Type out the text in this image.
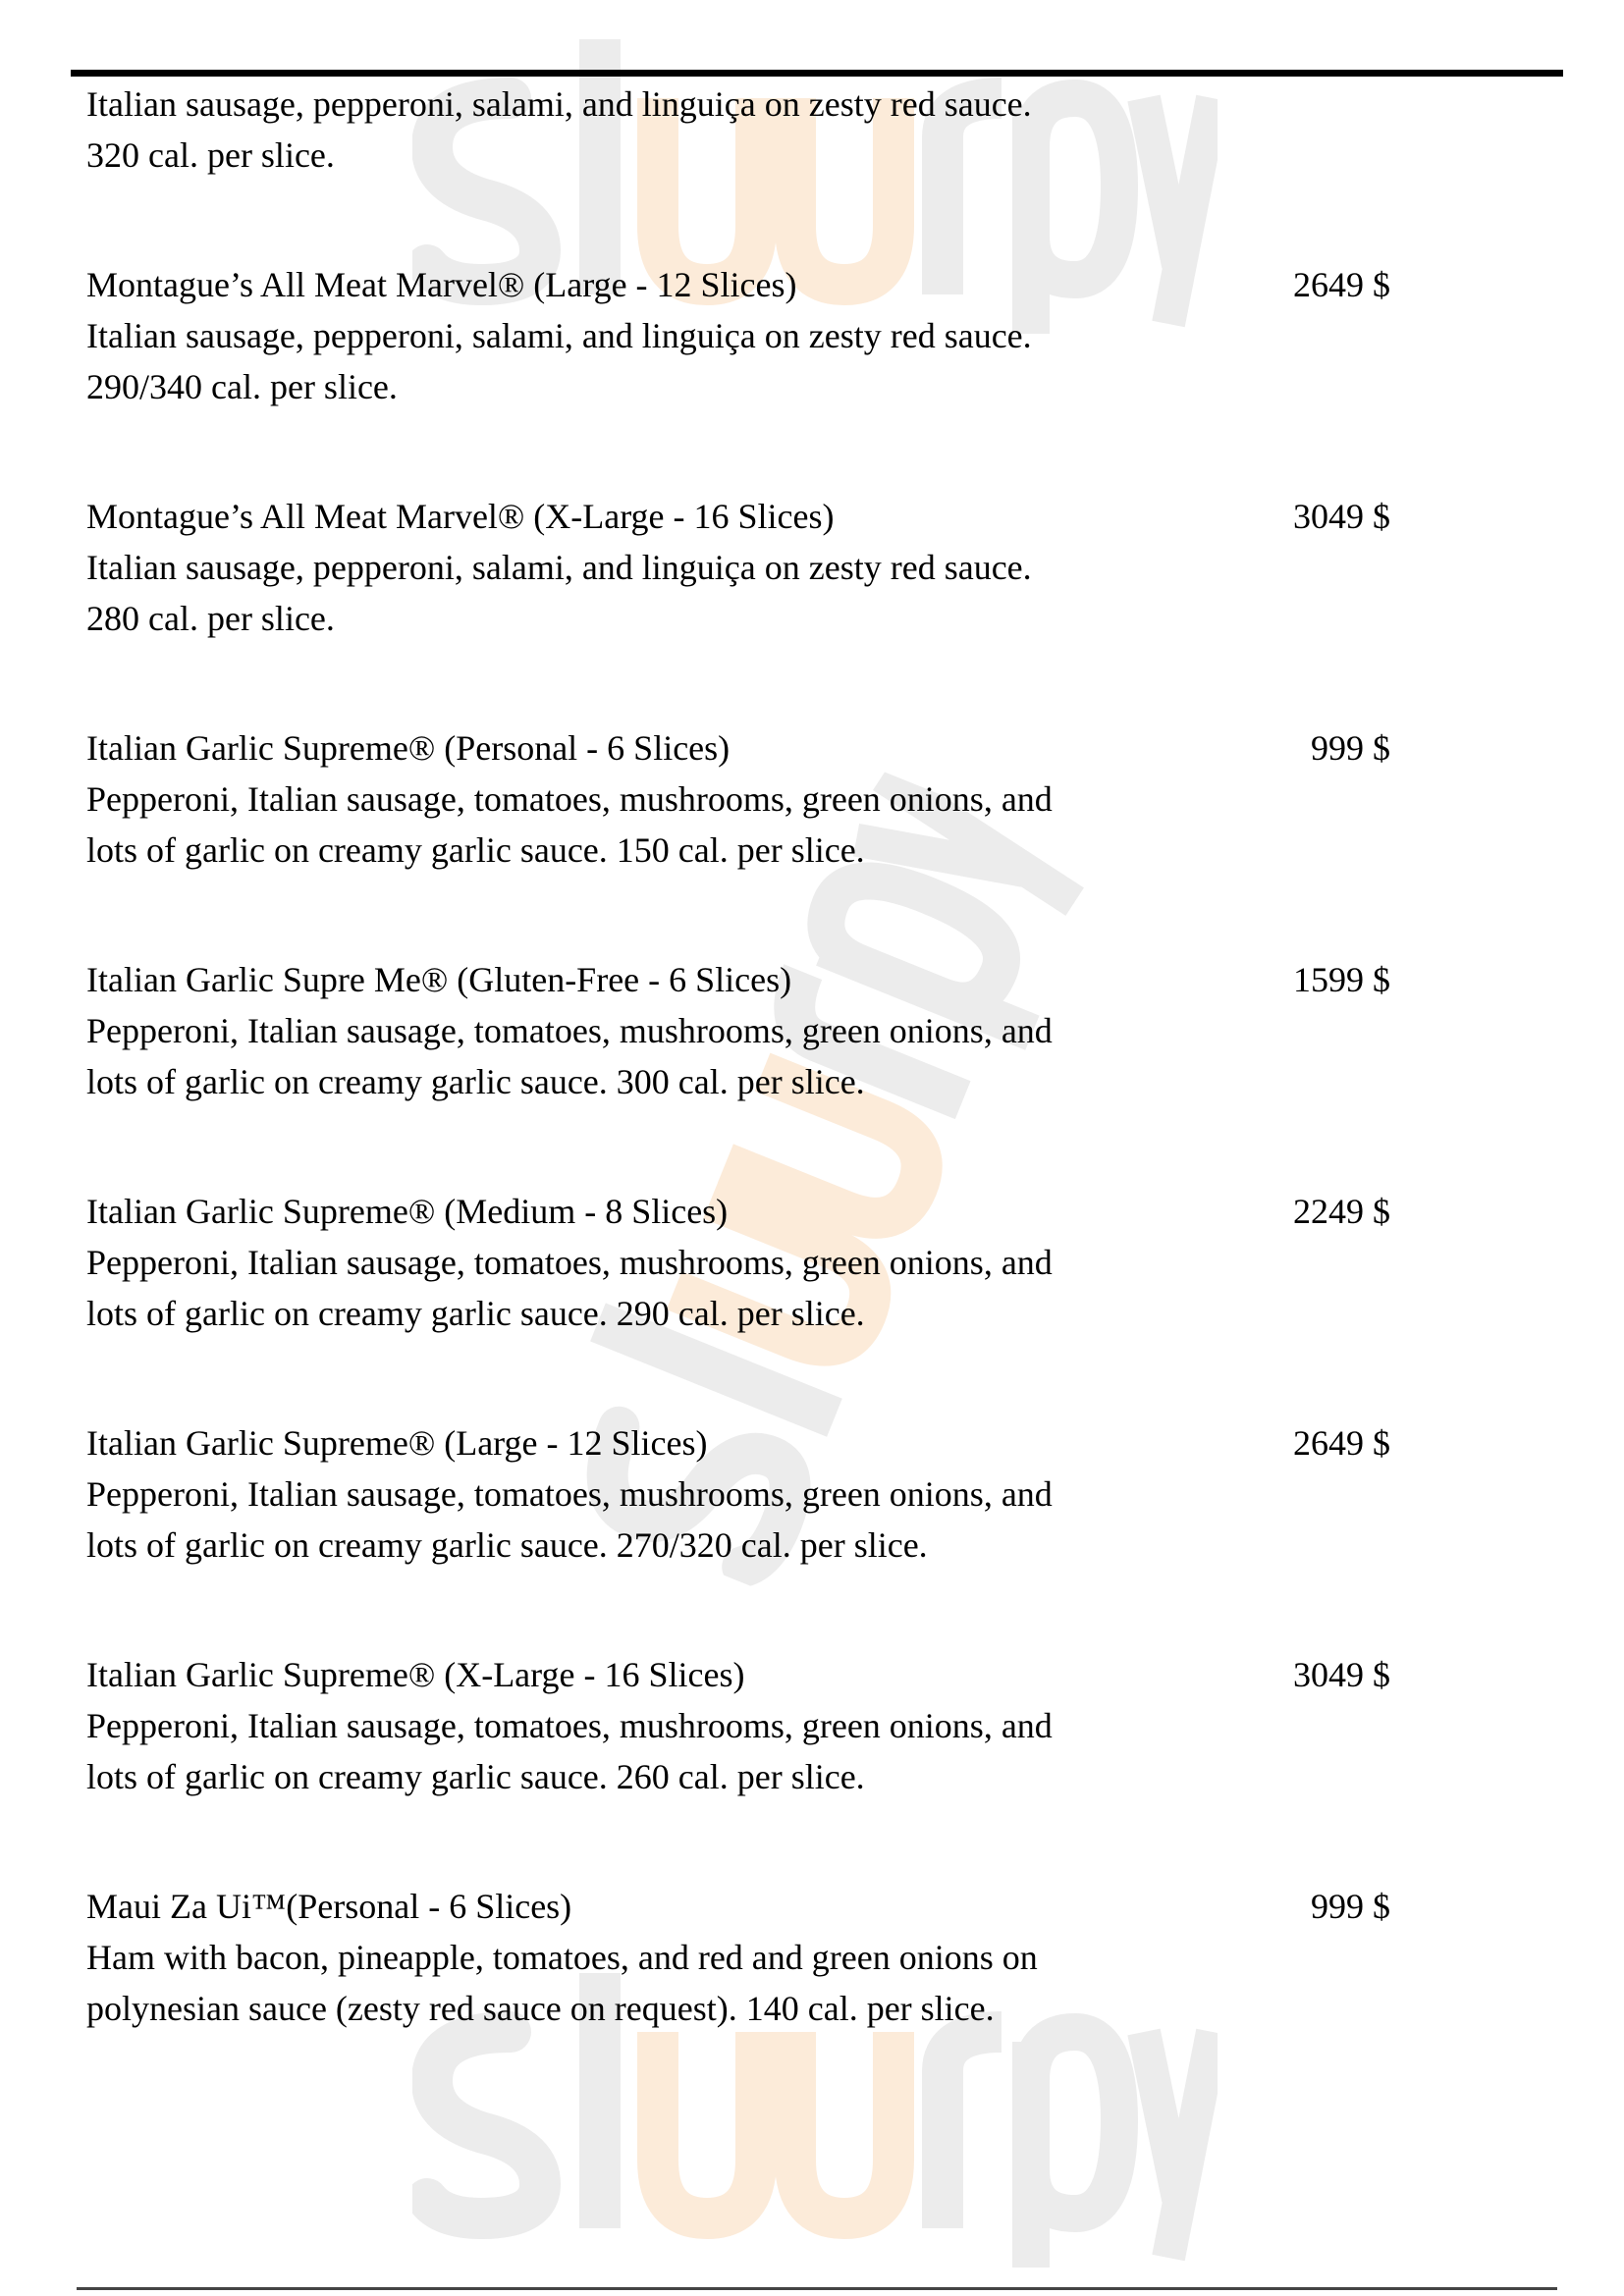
Italian sausage, pepperoni, salami, and linguiça on zesty red sauce.
320 cal. per slice.
Montague’s All Meat Marvel® (Large - 12 Slices)
Italian sausage, pepperoni, salami, and linguiça on zesty red sauce.
290/340 cal. per slice.
2649 $
Montague’s All Meat Marvel® (X-Large - 16 Slices)
Italian sausage, pepperoni, salami, and linguiça on zesty red sauce.
280 cal. per slice.
3049 $
Italian Garlic Supreme® (Personal - 6 Slices)
Pepperoni, Italian sausage, tomatoes, mushrooms, green onions, and
lots of garlic on creamy garlic sauce. 150 cal. per slice.
999 $
Italian Garlic Supre Me® (Gluten-Free - 6 Slices)
Pepperoni, Italian sausage, tomatoes, mushrooms, green onions, and
lots of garlic on creamy garlic sauce. 300 cal. per slice.
1599 $
Italian Garlic Supreme® (Medium - 8 Slices)
Pepperoni, Italian sausage, tomatoes, mushrooms, green onions, and
lots of garlic on creamy garlic sauce. 290 cal. per slice.
2249 $
Italian Garlic Supreme® (Large - 12 Slices)
Pepperoni, Italian sausage, tomatoes, mushrooms, green onions, and
lots of garlic on creamy garlic sauce. 270/320 cal. per slice.
2649 $
Italian Garlic Supreme® (X-Large - 16 Slices)
Pepperoni, Italian sausage, tomatoes, mushrooms, green onions, and
lots of garlic on creamy garlic sauce. 260 cal. per slice.
3049 $
Maui Za Ui™(Personal - 6 Slices)
Ham with bacon, pineapple, tomatoes, and red and green onions on
polynesian sauce (zesty red sauce on request). 140 cal. per slice.
999 $
